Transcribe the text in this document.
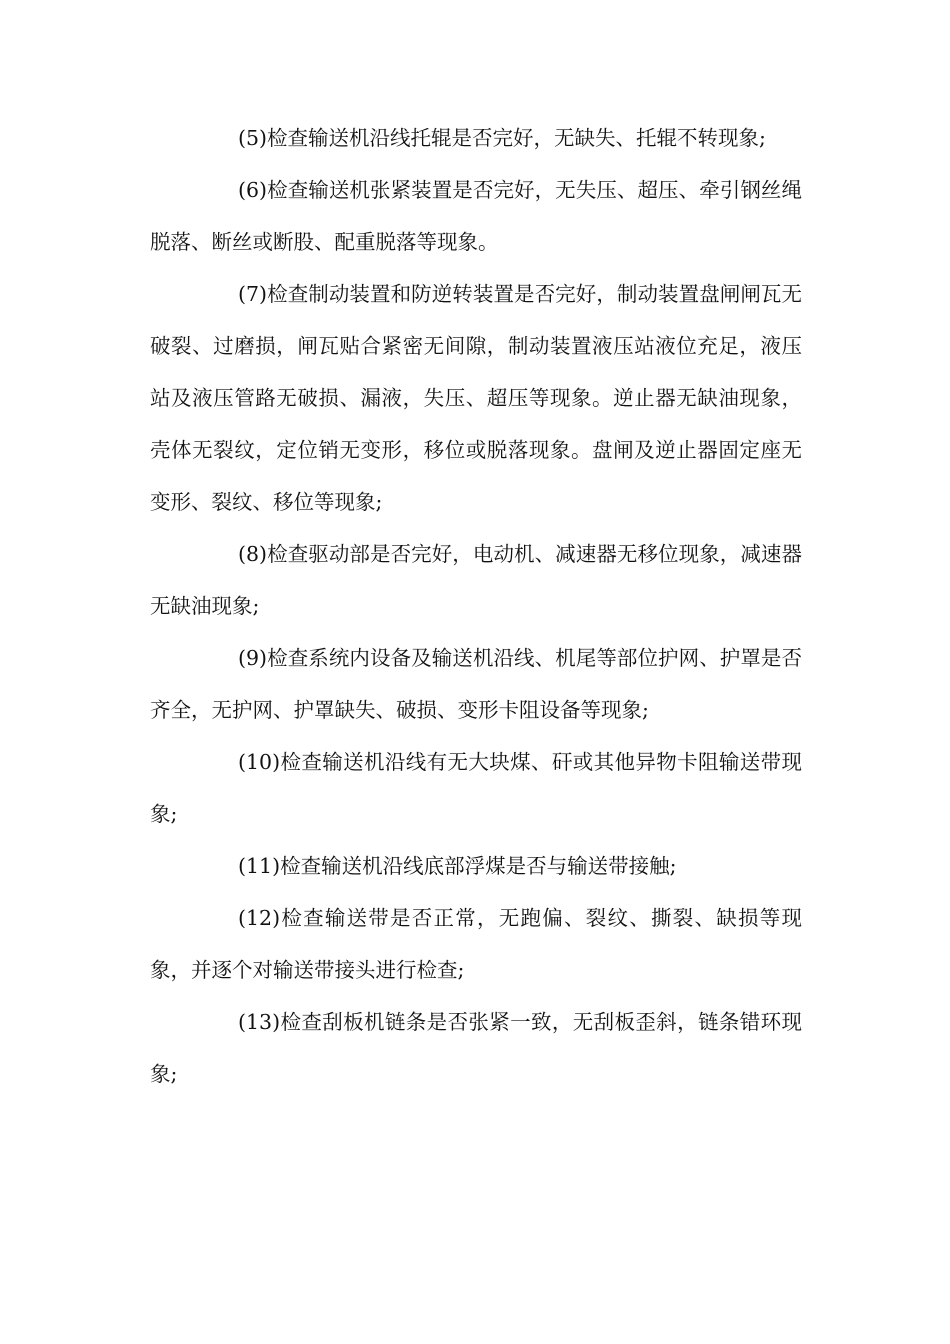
(5)检查输送机沿线托辊是否完好，无缺失、托辊不转现象;

(6)检查输送机张紧装置是否完好，无失压、超压、牵引钢丝绳脱落、断丝或断股、配重脱落等现象。

(7)检查制动装置和防逆转装置是否完好，制动装置盘闸闸瓦无破裂、过磨损，闸瓦贴合紧密无间隙，制动装置液压站液位充足，液压站及液压管路无破损、漏液，失压、超压等现象。逆止器无缺油现象，壳体无裂纹，定位销无变形，移位或脱落现象。盘闸及逆止器固定座无变形、裂纹、移位等现象;

(8)检查驱动部是否完好，电动机、减速器无移位现象，减速器无缺油现象;

(9)检查系统内设备及输送机沿线、机尾等部位护网、护罩是否齐全，无护网、护罩缺失、破损、变形卡阻设备等现象;

(10)检查输送机沿线有无大块煤、矸或其他异物卡阻输送带现象;

(11)检查输送机沿线底部浮煤是否与输送带接触;

(12)检查输送带是否正常，无跑偏、裂纹、撕裂、缺损等现象，并逐个对输送带接头进行检查;

(13)检查刮板机链条是否张紧一致，无刮板歪斜，链条错环现象;
